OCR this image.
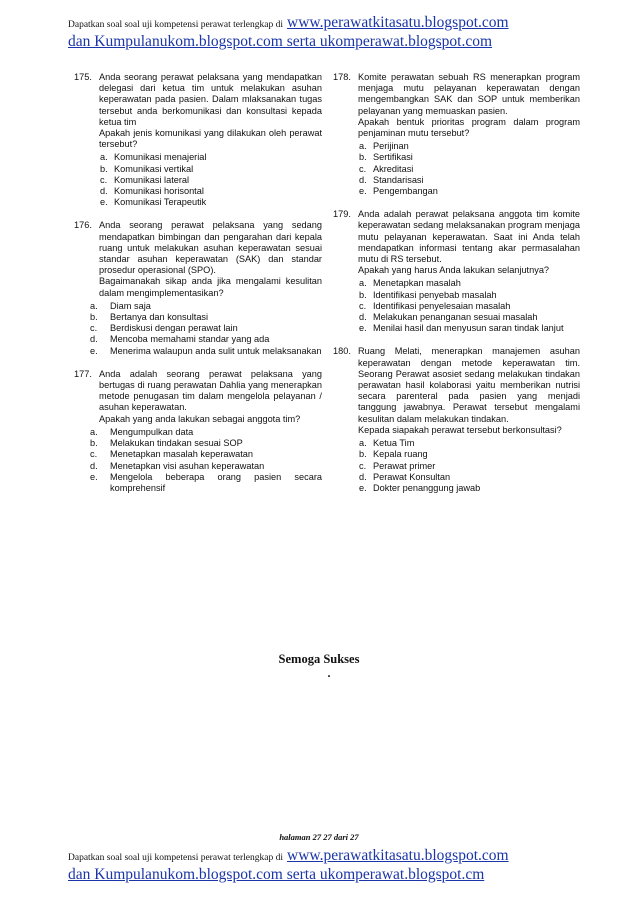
Dapatkan soal soal uji kompetensi perawat terlengkap di www.perawatkitasatu.blogspot.com
dan Kumpulanukom.blogspot.com serta ukomperawat.blogspot.com
175. Anda seorang perawat pelaksana yang mendapatkan delegasi dari ketua tim untuk melakukan asuhan keperawatan pada pasien. Dalam mlaksanakan tugas tersebut anda berkomunikasi dan konsultasi kepada ketua tim

Apakah jenis komunikasi yang dilakukan oleh perawat tersebut?

a. Komunikasi menajerial
b. Komunikasi vertikal
c. Komunikasi lateral
d. Komunikasi horisontal
e. Komunikasi Terapeutik
176. Anda seorang perawat pelaksana yang sedang mendapatkan bimbingan dan pengarahan dari kepala ruang untuk melakukan asuhan keperawatan sesuai standar asuhan keperawatan (SAK) dan standar prosedur operasional (SPO).

Bagaimanakah sikap anda jika mengalami kesulitan dalam mengimplementasikan?

a.	Diam saja
b.	Bertanya dan konsultasi
c.	Berdiskusi dengan perawat lain
d.	Mencoba memahami standar yang ada
e.	Menerima walaupun anda sulit untuk melaksanakan
177. Anda adalah seorang perawat pelaksana yang bertugas di ruang perawatan Dahlia yang menerapkan metode penugasan tim dalam mengelola pelayanan / asuhan keperawatan.

Apakah yang anda lakukan sebagai anggota tim?

a.	Mengumpulkan data
b.	Melakukan tindakan sesuai SOP
c.	Menetapkan masalah keperawatan
d.	Menetapkan visi asuhan keperawatan
e.	Mengelola beberapa orang pasien secara komprehensif
178. Komite perawatan sebuah RS menerapkan program menjaga mutu pelayanan keperawatan dengan mengembangkan SAK dan SOP untuk memberikan pelayanan yang memuaskan pasien.

Apakah bentuk prioritas program dalam program penjaminan mutu tersebut?

a. Perijinan
b. Sertifikasi
c. Akreditasi
d. Standarisasi
e. Pengembangan
179. Anda adalah perawat pelaksana anggota tim komite keperawatan sedang melaksanakan program menjaga mutu pelayanan keperawatan. Saat ini Anda telah mendapatkan informasi tentang akar permasalahan mutu di RS tersebut.

Apakah yang harus Anda lakukan selanjutnya?

a. Menetapkan masalah
b. Identifikasi penyebab masalah
c. Identifikasi penyelesaian masalah
d. Melakukan penanganan sesuai masalah
e. Menilai hasil dan menyusun saran tindak lanjut
180. Ruang Melati, menerapkan manajemen asuhan keperawatan dengan metode keperawatan tim. Seorang Perawat asosiet sedang melakukan tindakan perawatan hasil kolaborasi yaitu memberikan nutrisi secara parenteral pada pasien yang menjadi tanggung jawabnya. Perawat tersebut mengalami kesulitan dalam melakukan tindakan.

Kepada siapakah perawat tersebut berkonsultasi?

a. Ketua Tim
b. Kepala ruang
c. Perawat primer
d. Perawat Konsultan
e. Dokter penanggung jawab
Semoga Sukses
.
halaman 27 27 dari 27
Dapatkan soal soal uji kompetensi perawat terlengkap di www.perawatkitasatu.blogspot.com
dan Kumpulanukom.blogspot.com serta ukomperawat.blogspot.cm
